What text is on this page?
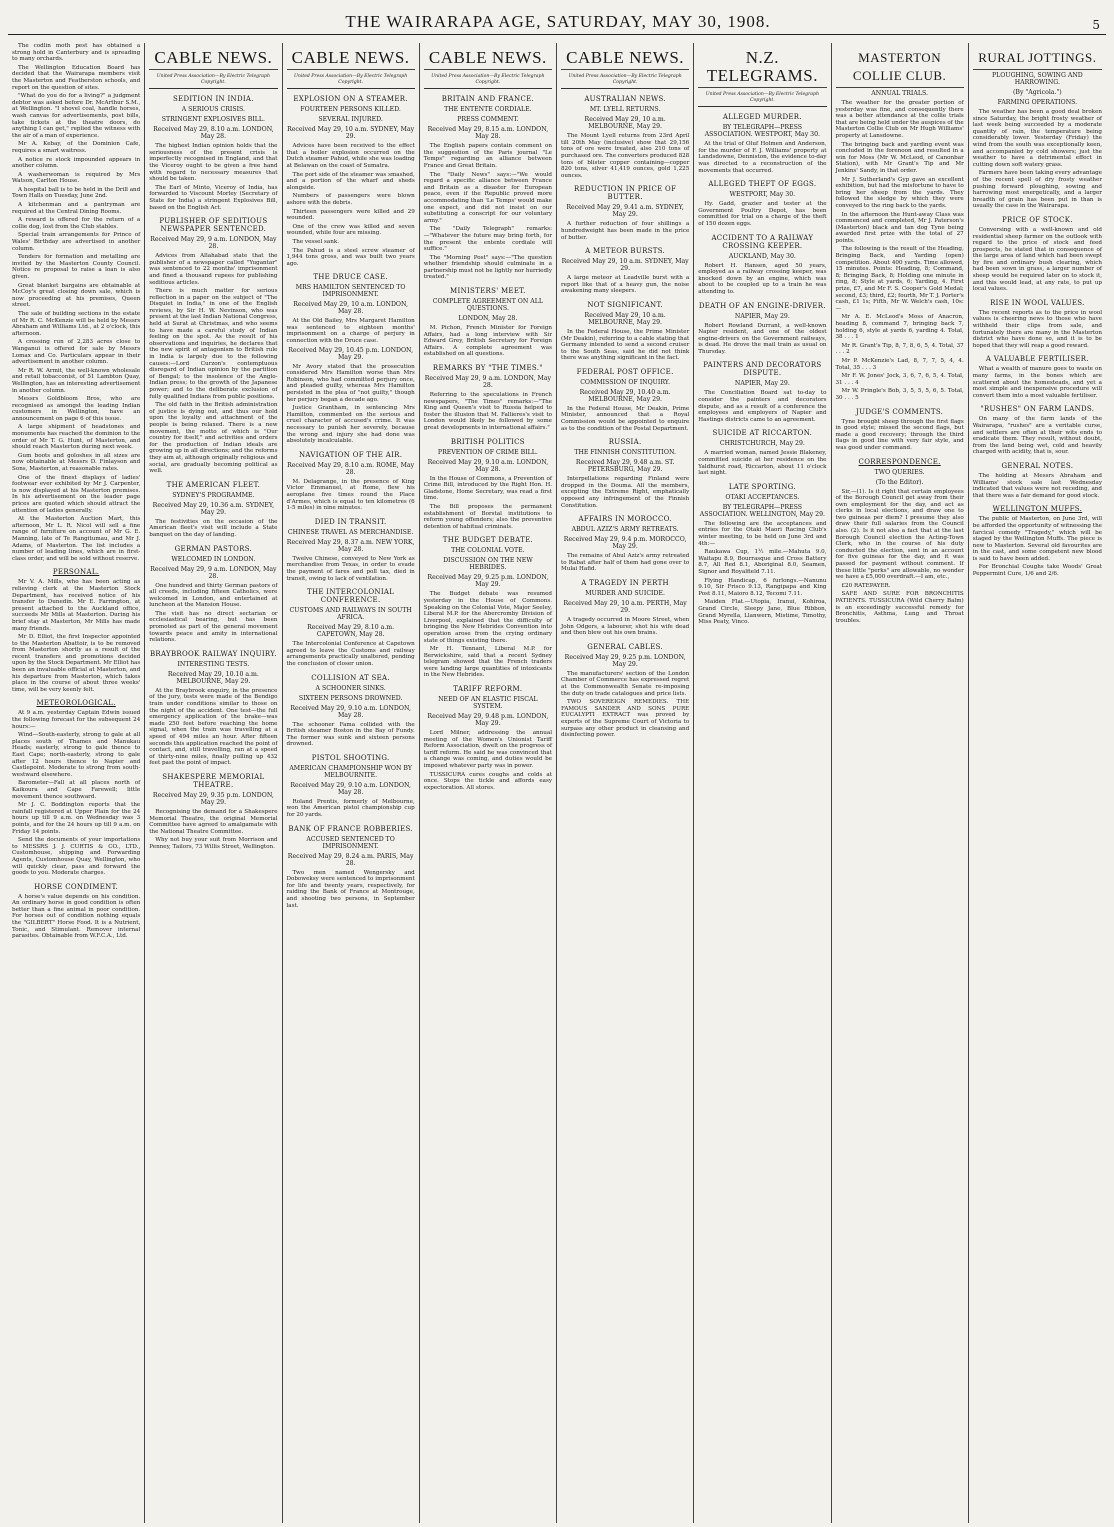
THE WAIRARAPA AGE, SATURDAY, MAY 30, 1908.	5

The codlin moth pest has obtained a strong hold in Canterbury and is spreading to many orchards.

The Wellington Education Board has decided that the Wairarapa members visit the Masterton and Featherston schools, and report on the question of sites.

"What do you do for a living?" a judgment debtor was asked before Dr. McArthur S.M., at Wellington. "I shovel coal, handle horses, wash canvas for advertisements, post bills, take tickets at the theatre doors, do anything I can get," replied the witness with the air of a man of experience.

Mr A. Kebay, of the Dominion Cafe, requires a smart waitress.

A notice re stock impounded appears in another column.

A washerwoman is required by Mrs Watson, Carlton House.

A hospital ball is to be held in the Drill and Town Halls on Tuesday, June 2nd.

A kitchenman and a pantryman are required at the Central Dining Rooms.

A reward is offered for the return of a collie dog, lost from the Club stables.

Special train arrangements for Prince of Wales' Birthday are advertised in another column.

Tenders for formation and metalling are invited by the Masterton County Council. Notice re proposal to raise a loan is also given.

Great blanket bargains are obtainable at McCoy's great closing down sale, which is now proceeding at his premises, Queen street.

The sale of building sections in the estate of Mr R. C. McKenzie will be held by Messrs Abraham and Williams Ltd., at 2 o'clock, this afternoon.

A crossing run of 2,283 acres close to Wanganui is offered for sale by Messrs Lomax and Co. Particulars appear in their advertisement in another column.

Mr R. W. Armit, the well-known wholesale and retail tobacconist, of 51 Lambton Quay, Wellington, has an interesting advertisement in another column.

Messrs Goldbloom Bros, who are recognised as amongst the leading Indian customers in Wellington, have an announcement on page 6 of this issue.

A large shipment of headstones and monuments has reached the dominion to the order of Mr T. G. Hunt, of Masterton, and should reach Masterton during next week.

Gum boots and goloshes in all sizes are now obtainable at Messrs D. Finlayson and Sons, Masterton, at reasonable rates.

One of the finest displays of ladies' footwear ever exhibited by Mr J. Carpenter, is now displayed at his Masterton premises. In his advertisement on the leader page prices are quoted which should attract the attention of ladies generally.

At the Masterton Auction Mart, this afternoon, Mr L. R. Nicol will sell a fine range of furniture on account of Mr G. E. Manning, late of Te Rangitumau, and Mr J. Adams, of Masterton. The list includes a number of leading lines, which are in first-class order, and will be sold without reserve.

PERSONAL.

Mr V. A. Mills, who has been acting as relieving clerk at the Masterton Stock Department, has received notice of his transfer to Dunedin. Mr E. Farrington, at present attached to the Auckland office, succeeds Mr Mills at Masterton. During his brief stay at Masterton, Mr Mills has made many friends.

Mr D. Elliot, the first Inspector appointed to the Masterton Abattoir, is to be removed from Masterton shortly as a result of the recent transfers and promotions decided upon by the Stock Department. Mr Elliot has been an invaluable official at Masterton, and his departure from Masterton, which takes place in the course of about three weeks' time, will be very keenly felt.

METEOROLOGICAL.

At 9 a.m. yesterday Captain Edwin issued the following forecast for the subsequent 24 hours:—

Wind—South-easterly, strong to gale at all places south of Thames and Manukau Heads; easterly, strong to gale thence to East Cape; north-easterly, strong to gale after 12 hours thence to Napier and Castlepoint. Moderate to strong from south-westward elsewhere.

Barometer—Fall at all places north of Kaikoura and Cape Farewell; little movement thence southward.

Mr J. C. Boddington reports that the rainfall registered at Upper Plain for the 24 hours up till 9 a.m. on Wednesday was 3 points, and for the 24 hours up till 9 a.m. on Friday 14 points.

Send the documents of your importations to MESSRS J. J. CURTIS & CO., LTD., Customhouse, shipping and Forwarding Agents, Customhouse Quay, Wellington, who will quickly clear, pass and forward the goods to you. Moderate charges.

HORSE CONDIMENT.

A horse's value depends on his condition. An ordinary horse in good condition is often better than a fine animal in poor condition. For horses out of condition nothing equals the "GILBERT" Horse Food. It is a Nutrient, Tonic, and Stimulant. Remover internal parasites. Obtainable from W.F.C.A., Ltd.

CABLE NEWS.
United Press Association—By Electric Telegraph Copyright.
SEDITION IN INDIA.
A SERIOUS CRISIS.
STRINGENT EXPLOSIVES BILL.
Received May 29, 8.10 a.m. LONDON, May 28.

The highest Indian opinion holds that the seriousness of the present crisis is imperfectly recognised in England, and that the Viceroy ought to be given a free hand with regard to necessary measures that should be taken.

The Earl of Minto, Viceroy of India, has forwarded to Viscount Morley (Secretary of State for India) a stringent Explosives Bill, based on the English Act.

PUBLISHER OF SEDITIOUS NEWSPAPER SENTENCED.
Received May 29, 9 a.m. LONDON, May 28.

Advices from Allahabad state that the publisher of a newspaper called "Yugantar" was sentenced to 22 months' imprisonment and fined a thousand rupees for publishing seditious articles.

There is much matter for serious reflection in a paper on the subject of "The Disquiet in India," in one of the English reviews, by Sir H. W. Nevinson, who was present at the last Indian National Congress, held at Surat at Christmas, and who seems to have made a careful study of Indian feeling on the spot. As the result of his observations and inquiries, he declares that the new spirit of antagonism to British rule in India is largely due to the following causes:—Lord Curzon's contemptuous disregard of Indian opinion by the partition of Bengal; to the insolence of the Anglo-Indian press; to the growth of the Japanese power; and to the deliberate exclusion of fully qualified Indians from public positions.

The old faith in the British administration of justice is dying out, and thus our hold upon the loyalty and attachment of the people is being relaxed. There is a new movement, the motto of which is "Our country for itself," and activities and orders for the production of Indian ideals are growing up in all directions; and the reforms they aim at, although originally religious and social, are gradually becoming political as well.

THE AMERICAN FLEET.
SYDNEY'S PROGRAMME.
Received May 29, 10.36 a.m. SYDNEY, May 29.

The festivities on the occasion of the American fleet's visit will include a State banquet on the day of landing.

GERMAN PASTORS.
WELCOMED IN LONDON.
Received May 29, 9 a.m. LONDON, May 28.

One hundred and thirty German pastors of all creeds, including fifteen Catholics, were welcomed in London, and entertained at luncheon at the Mansion House.

The visit has no direct sectarian or ecclesiastical bearing, but has been promoted as part of the general movement towards peace and amity in international relations.

BRAYBROOK RAILWAY INQUIRY.
INTERESTING TESTS.
Received May 29, 10.10 a.m. MELBOURNE, May 29.

At the Braybrook enquiry, in the presence of the jury, tests were made of the Bendigo train under conditions similar to those on the night of the accident. One test—the full emergency application of the brake—was made 250 feet before reaching the home signal, when the train was travelling at a speed of 494 miles an hour. After fifteen seconds this application reached the point of contact, and, still travelling, ran at a speed of thirty-nine miles, finally pulling up 432 feet past the point of impact.

SHAKESPERE MEMORIAL THEATRE.
Received May 29, 9.35 p.m. LONDON, May 29.

Recognising the demand for a Shakespere Memorial Theatre, the original Memorial Committee have agreed to amalgamate with the National Theatre Committee.

Why not buy your suit from Morrison and Penney, Tailors, 73 Willis Street, Wellington.

CABLE NEWS.
United Press Association—By Electric Telegraph Copyright.
EXPLOSION ON A STEAMER.
FOURTEEN PERSONS KILLED.
SEVERAL INJURED.
Received May 29, 10 a.m. SYDNEY, May 29.

Advices have been received to the effect that a boiler explosion occurred on the Dutch steamer Pahud, while she was loading at Belawan on the coast of Sumatra.

The port side of the steamer was smashed, and a portion of the wharf and sheds alongside.

Numbers of passengers were blown ashore with the debris.

Thirteen passengers were killed and 29 wounded.

One of the crew was killed and seven wounded, while four are missing.

The vessel sank.

The Pahud is a steel screw steamer of 1,944 tons gross, and was built two years ago.

THE DRUCE CASE.
MRS HAMILTON SENTENCED TO IMPRISONMENT.
Received May 29, 10 a.m. LONDON, May 28.

At the Old Bailey, Mrs Margaret Hamilton was sentenced to eighteen months' imprisonment on a charge of perjury in connection with the Druce case.

Received May 29, 10.45 p.m. LONDON, May 29.

Mr Avory stated that the prosecution considered Mrs Hamilton worse than Mrs Robinson, who had committed perjury once, and pleaded guilty, whereas Mrs Hamilton persisted in the plea of "not guilty," though her perjury began a decade ago.

Justice Grantham, in sentencing Mrs Hamilton, commented on the serious and cruel character of accused's crime. It was necessary to punish her severely, because the wrong and injury she had done was absolutely incalculable.

NAVIGATION OF THE AIR.
Received May 29, 8.10 a.m. ROME, May 28.

M. Delagrange, in the presence of King Victor Emmanuel, at Rome, flew his aeroplane five times round the Place d'Armes, which is equal to ten kilometres (6 1-5 miles) in nine minutes.

DIED IN TRANSIT.
CHINESE TRAVEL AS MERCHANDISE.
Received May 29, 8.37 a.m. NEW YORK, May 28.

Twelve Chinese, conveyed to New York as merchandise from Texas, in order to evade the payment of fares and poll tax, died in transit, owing to lack of ventilation.

THE INTERCOLONIAL CONFERENCE.
CUSTOMS AND RAILWAYS IN SOUTH AFRICA.
Received May 29, 8.10 a.m. CAPETOWN, May 28.

The Intercolonial Conference at Capetown agreed to leave the Customs and railway arrangements practically unaltered, pending the conclusion of closer union.

COLLISION AT SEA.
A SCHOONER SINKS.
SIXTEEN PERSONS DROWNED.
Received May 29, 9.10 a.m. LONDON, May 28.

The schooner Fama collided with the British steamer Boston in the Bay of Fundy. The former was sunk and sixteen persons drowned.

PISTOL SHOOTING.
AMERICAN CHAMPIONSHIP WON BY MELBOURNITE.
Received May 29, 9.10 a.m. LONDON, May 28.

Roland Prentis, formerly of Melbourne, won the American pistol championship cup for 20 yards.

BANK OF FRANCE ROBBERIES.
ACCUSED SENTENCED TO IMPRISONMENT.
Received May 29, 8.24 a.m. PARIS, May 28.

Two men named Wengersky and Doboweksy were sentenced to imprisonment for life and twenty years, respectively, for raiding the Bank of France at Montrouge, and shooting two persons, in September last.

CABLE NEWS.
United Press Association—By Electric Telegraph Copyright.
BRITAIN AND FRANCE.
THE ENTENTE CORDIALE.
PRESS COMMENT.
Received May 29, 8.15 a.m. LONDON, May 28.

The English papers contain comment on the suggestion of the Paris journal "Le Temps" regarding an alliance between France and Great Britain.

The "Daily News" says:—"We would regard a specific alliance between France and Britain as a disaster for European peace, even if the Republic proved more accommodating than 'Le Temps' would make one expect, and did not insist on our substituting a conscript for our voluntary army."

The "Daily Telegraph" remarks:—"Whatever the future may bring forth, for the present the entente cordiale will suffice."

The "Morning Post" says:—"The question whether friendship should culminate in a partnership must not be lightly nor hurriedly treated."

MINISTERS' MEET.
COMPLETE AGREEMENT ON ALL QUESTIONS.
LONDON, May 28.

M. Pichon, French Minister for Foreign Affairs, had a long interview with Sir Edward Grey, British Secretary for Foreign Affairs. A complete agreement was established on all questions.

REMARKS BY "THE TIMES."
Received May 29, 9 a.m. LONDON, May 28.

Referring to the speculations in French newspapers, "The Times" remarks:—"The King and Queen's visit to Russia helped to foster the illusion that M. Fallieres's visit to London would likely be followed by some great developments in international affairs."

BRITISH POLITICS
PREVENTION OF CRIME BILL.
Received May 29, 9.10 a.m. LONDON, May 28.

In the House of Commons, a Prevention of Crime Bill, introduced by the Right Hon. H. Gladstone, Home Secretary, was read a first time.

The Bill proposes the permanent establishment of Borstal institutions to reform young offenders; also the preventive detention of habitual criminals.

THE BUDGET DEBATE.
THE COLONIAL VOTE.
DISCUSSION ON THE NEW HEBRIDES.
Received May 29, 9.25 p.m. LONDON, May 29.

The Budget debate was resumed yesterday in the House of Commons. Speaking on the Colonial Vote, Major Seeley, Liberal M.P. for the Abercromby Division of Liverpool, explained that the difficulty of bringing the New Hebrides Convention into operation arose from the crying ordinary state of things existing there.

Mr H. Tennant, Liberal M.P. for Berwickshire, said that a recent Sydney telegram showed that the French traders were landing large quantities of intoxicants in the New Hebrides.

TARIFF REFORM.
NEED OF AN ELASTIC FISCAL SYSTEM.
Received May 29, 9.48 p.m. LONDON, May 29.

Lord Milner, addressing the annual meeting of the Women's Unionist Tariff Reform Association, dwelt on the progress of tariff reform. He said he was convinced that a change was coming, and duties would be imposed whatever party was in power.

TUSSICURA cures coughs and colds at once. Stops the tickle and affords easy expectoration. All stores.

CABLE NEWS.
United Press Association—By Electric Telegraph Copyright.
AUSTRALIAN NEWS.
MT. LYELL RETURNS.
Received May 29, 10 a.m. MELBOURNE, May 29.

The Mount Lyell returns from 23rd April till 20th May (inclusive) show that 29,156 tons of ore were treated, also 210 tons of purchased ore. The converters produced 828 tons of blister copper containing—copper 820 tons, silver 41,419 ounces, gold 1,225 ounces.

REDUCTION IN PRICE OF BUTTER.
Received May 29, 9.41 a.m. SYDNEY, May 29.

A further reduction of four shillings a hundredweight has been made in the price of butter.

A METEOR BURSTS.
Received May 29, 10 a.m. SYDNEY, May 29.

A large meteor at Leadville burst with a report like that of a heavy gun, the noise awakening many sleepers.

NOT SIGNIFICANT.
Received May 29, 10 a.m. MELBOURNE, May 29.

In the Federal House, the Prime Minister (Mr Deakin), referring to a cable stating that Germany intended to send a second cruiser to the South Seas, said he did not think there was anything significant in the fact.

FEDERAL POST OFFICE.
COMMISSION OF INQUIRY.
Received May 29, 10.40 a.m. MELBOURNE, May 29.

In the Federal House, Mr Deakin, Prime Minister, announced that a Royal Commission would be appointed to enquire as to the condition of the Postal Department.

RUSSIA.
THE FINNISH CONSTITUTION.
Received May 29, 9.48 a.m. ST. PETERSBURG, May 29.

Interpellations regarding Finland were dropped in the Douma. All the members, excepting the Extreme Right, emphatically opposed any infringement of the Finnish Constitution.

AFFAIRS IN MOROCCO.
ABDUL AZIZ'S ARMY RETREATS.
Received May 29, 9.4 p.m. MOROCCO, May 29.

The remains of Abul Aziz's army retreated to Rabat after half of them had gone over to Mulai Hafid.

A TRAGEDY IN PERTH
MURDER AND SUICIDE.
Received May 29, 10 a.m. PERTH, May 29.

A tragedy occurred in Moore Street, when John Odgers, a labourer, shot his wife dead and then blew out his own brains.

GENERAL CABLES.
Received May 29, 9.25 p.m. LONDON, May 29.

The manufacturers' section of the London Chamber of Commerce has expressed regret at the Commonwealth Senate re-imposing the duty on trade catalogues and price lists.

TWO SOVEREIGN REMEDIES. THE FAMOUS SANDER AND SONS PURE EUCALYPTI EXTRACT was proved by experts of the Supreme Court of Victoria to surpass any other product in cleansing and disinfecting power.

N.Z. TELEGRAMS.
United Press Association—By Electric Telegraph Copyright.
ALLEGED MURDER.
BY TELEGRAPH—PRESS ASSOCIATION. WESTPORT, May 30.

At the trial of Oluf Holmen and Anderson, for the murder of F. J. Williams' property at Landsdowne, Denniston, the evidence to-day was directed to a reconstruction of the movements that occurred.

ALLEGED THEFT OF EGGS.
WESTPORT, May 30.

Hy. Gadd, grazier and tester at the Government Poultry Depot, has been committed for trial on a charge of the theft of 150 dozen eggs.

ACCIDENT TO A RAILWAY CROSSING KEEPER.
AUCKLAND, May 30.

Robert H. Hansen, aged 50 years, employed as a railway crossing keeper, was knocked down by an engine, which was about to be coupled up to a train he was attending to.

DEATH OF AN ENGINE-DRIVER.
NAPIER, May 29.

Robert Rowland Durrant, a well-known Napier resident, and one of the oldest engine-drivers on the Government railways, is dead. He drove the mail train as usual on Thursday.

PAINTERS AND DECORATORS DISPUTE.
NAPIER, May 29.

The Conciliation Board sat to-day to consider the painters and decorators dispute, and as a result of a conference the employees and employers of Napier and Hastings districts came to an agreement.

SUICIDE AT RICCARTON.
CHRISTCHURCH, May 29.

A married woman, named Jessie Blakeney, committed suicide at her residence on the Yaldhurst road, Riccarton, about 11 o'clock last night.

LATE SPORTING.
OTAKI ACCEPTANCES.
BY TELEGRAPH—PRESS ASSOCIATION. WELLINGTON, May 29.

The following are the acceptances and entries for the Otaki Maori Racing Club's winter meeting, to be held on June 3rd and 4th:—

Raukawa Cup, 1½ mile.—Mahuta 9.0, Waitapu 8.9, Bourrasque and Cross Battery 8.7, All Red 8.1, Aboriginal 8.0, Seamen, Signor and Royalfield 7.11.

Flying Handicap, 6 furlongs.—Nanunu 9.10, Sir Frisco 9.13, Rangipapa and King Post 8.11, Maioro 8.12, Tecomi 7.11.

Maiden Flat.—Utopia, Iranui, Kohiroa, Grand Circle, Sleepy Jane, Blue Ribbon, Grand Myrella, Llanwern, Mistime, Timothy, Miss Peaty, Vinco.

MASTERTON COLLIE CLUB.
ANNUAL TRIALS.

The weather for the greater portion of yesterday was fine, and consequently there was a better attendance at the collie trials that are being held under the auspices of the Masterton Collie Club on Mr Hugh Williams' property at Lansdowne.

The bringing back and yarding event was concluded in the forenoon and resulted in a win for Moss (Mr W. McLeod, of Canonbar Station), with Mr Grant's Tip and Mr Jenkins' Sandy, in that order.

Mr J. Sutherland's Gyp gave an excellent exhibition, but had the misfortune to have to bring her sheep from the yards. They followed the sledge by which they were conveyed to the ring back to the yards.

In the afternoon the Hunt-away Class was commenced and completed, Mr J. Paterson's (Masterton) black and tan dog Tyne being awarded first prize with the total of 27 points.

The following is the result of the Heading, Bringing Back, and Yarding (open) competition. About 400 yards. Time allowed, 15 minutes. Points: Heading, 8; Command, 8; Bringing Back, 8; Holding one minute in ring, 8; Style at yards, 6; Yarding, 4. First prize, £7, and Mr F. S. Cooper's Gold Medal; second, £3; third, £2; fourth, Mr T. J. Porter's cash, £1 1s; Fifth, Mr W. Welch's cash, 10s:—

Mr A. E. McLeod's Moss of Anacron, heading 8, command 7, bringing back 7, holding 6, style at yards 6, yarding 4. Total, 38 . . . 1

Mr R. Grant's Tip, 8, 7, 8, 6, 5, 4. Total, 37 . . . 2

Mr P. McKenzie's Lad, 8, 7, 7, 5, 4, 4. Total, 35 . . . 3

Mr F. W. Jones' Jock, 3, 6, 7, 6, 5, 4. Total, 31 . . . 4

Mr W. Pringle's Bob, 3, 5, 5, 5, 6, 5. Total, 30 . . . 5

JUDGE'S COMMENTS.

Tyne brought sheep through the first flags in good style; missed the second flags, but made a good recovery; through the third flags in good line with very fair style, and was good under command.

CORRESPONDENCE.
TWO QUERIES.
(To the Editor).

Sir,—(1). Is it right that certain employees of the Borough Council get away from their own employment for the day, and act as clerks in local elections, and draw one to two guineas per diem? I presume they also draw their full salaries from the Council also. (2). Is it not also a fact that at the last Borough Council election the Acting-Town Clerk, who in the course of his duty conducted the election, sent in an account for five guineas for the day, and it was passed for payment without comment. If these little "perks" are allowable, no wonder we have a £5,000 overdraft.—I am, etc.,

£20 RATEPAYER.

SAFE AND SURE FOR BRONCHITIS PATIENTS. TUSSICURA (Wild Cherry Balm) is an exceedingly successful remedy for Bronchitis, Asthma, Lung and Throat troubles.

RURAL JOTTINGS.
PLOUGHING, SOWING AND HARROWING.
(By "Agricola.")
FARMING OPERATIONS.

The weather has been a good deal broken since Saturday, the bright frosty weather of last week being succeeded by a moderate quantity of rain, the temperature being considerably lower. Yesterday (Friday) the wind from the south was exceptionally keen, and accompanied by cold showers; just the weather to have a detrimental effect in cutting down soft watery grass.

Farmers have been taking every advantage of the recent spell of dry frosty weather pushing forward ploughing, sowing and harrowing most energetically, and a larger breadth of grain has been put in than is usually the case in the Wairarapa.

PRICE OF STOCK.

Conversing with a well-known and old residential sheep farmer on the outlook with regard to the price of stock and feed prospects, he stated that in consequence of the large area of land which had been swept by fire and ordinary bush clearing, which had been sown in grass, a larger number of sheep would be required later on to stock it, and this would lead, at any rate, to put up local values.

RISE IN WOOL VALUES.

The recent reports as to the price in wool values is cheering news to those who have withheld their clips from sale, and fortunately there are many in the Masterton district who have done so, and it is to be hoped that they will reap a good reward.

A VALUABLE FERTILISER.

What a wealth of manure goes to waste on many farms, in the bones which are scattered about the homesteads, and yet a most simple and inexpensive procedure will convert them into a most valuable fertiliser.

"RUSHES" ON FARM LANDS.

On many of the farm lands of the Wairarapa, "rushes" are a veritable curse, and settlers are often at their wits ends to eradicate them. They result, without doubt, from the land being wet, cold and heavily charged with acidity, that is, sour.

GENERAL NOTES.

The holding at Messrs Abraham and Williams' stock sale last Wednesday indicated that values were not receding, and that there was a fair demand for good stock.

WELLINGTON MUFFS.

The public of Masterton, on June 3rd, will be afforded the opportunity of witnessing the farcical comedy "Tragedy," which will be staged by the Wellington Muffs. The piece is new to Masterton. Several old favourites are in the cast, and some competent new blood is said to have been added.

For Bronchial Coughs take Woods' Great Peppermint Cure, 1/6 and 2/6.
